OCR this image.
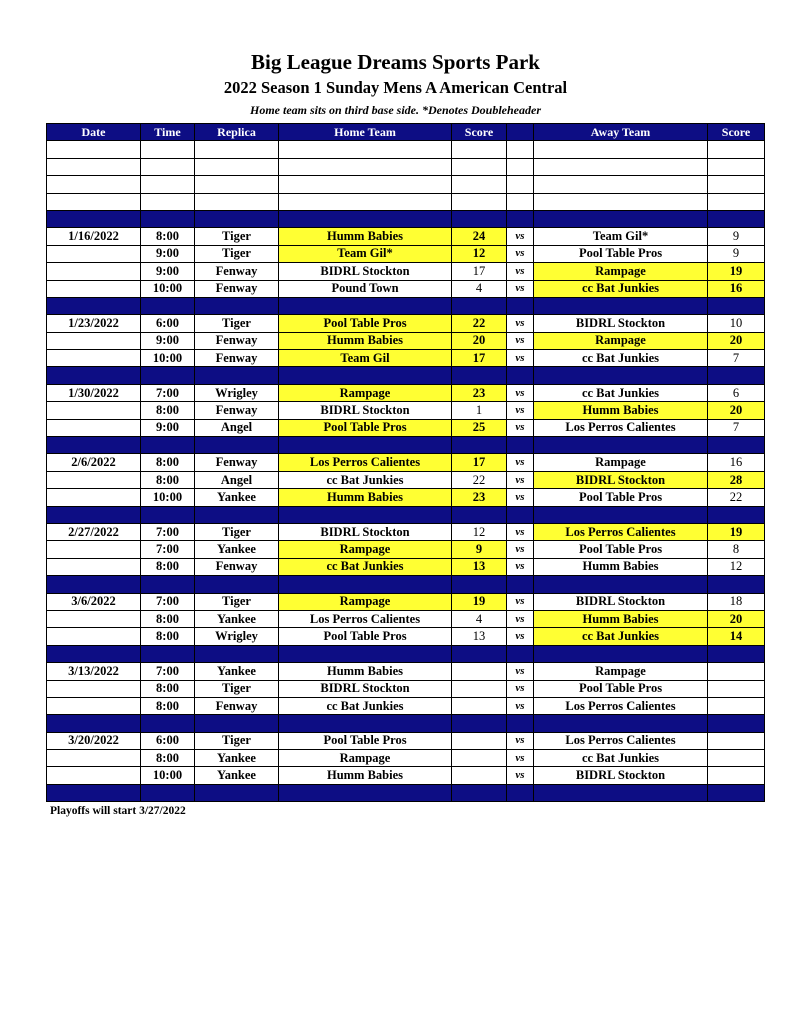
Big League Dreams Sports Park
2022 Season 1 Sunday Mens A American Central
Home team sits on third base side. *Denotes Doubleheader
Date	Time	Replica	Home Team	Score		Away Team	Score

1/16/2022	8:00	Tiger	Humm Babies	24	vs	Team Gil*	9
	9:00	Tiger	Team Gil*	12	vs	Pool Table Pros	9
	9:00	Fenway	BIDRL Stockton	17	vs	Rampage	19
	10:00	Fenway	Pound Town	4	vs	cc Bat Junkies	16

1/23/2022	6:00	Tiger	Pool Table Pros	22	vs	BIDRL Stockton	10
	9:00	Fenway	Humm Babies	20	vs	Rampage	20
	10:00	Fenway	Team Gil	17	vs	cc Bat Junkies	7

1/30/2022	7:00	Wrigley	Rampage	23	vs	cc Bat Junkies	6
	8:00	Fenway	BIDRL Stockton	1	vs	Humm Babies	20
	9:00	Angel	Pool Table Pros	25	vs	Los Perros Calientes	7

2/6/2022	8:00	Fenway	Los Perros Calientes	17	vs	Rampage	16
	8:00	Angel	cc Bat Junkies	22	vs	BIDRL Stockton	28
	10:00	Yankee	Humm Babies	23	vs	Pool Table Pros	22

2/27/2022	7:00	Tiger	BIDRL Stockton	12	vs	Los Perros Calientes	19
	7:00	Yankee	Rampage	9	vs	Pool Table Pros	8
	8:00	Fenway	cc Bat Junkies	13	vs	Humm Babies	12

3/6/2022	7:00	Tiger	Rampage	19	vs	BIDRL Stockton	18
	8:00	Yankee	Los Perros Calientes	4	vs	Humm Babies	20
	8:00	Wrigley	Pool Table Pros	13	vs	cc Bat Junkies	14

3/13/2022	7:00	Yankee	Humm Babies		vs	Rampage	
	8:00	Tiger	BIDRL Stockton		vs	Pool Table Pros	
	8:00	Fenway	cc Bat Junkies		vs	Los Perros Calientes	

3/20/2022	6:00	Tiger	Pool Table Pros		vs	Los Perros Calientes	
	8:00	Yankee	Rampage		vs	cc Bat Junkies	
	10:00	Yankee	Humm Babies		vs	BIDRL Stockton	

Playoffs will start 3/27/2022
